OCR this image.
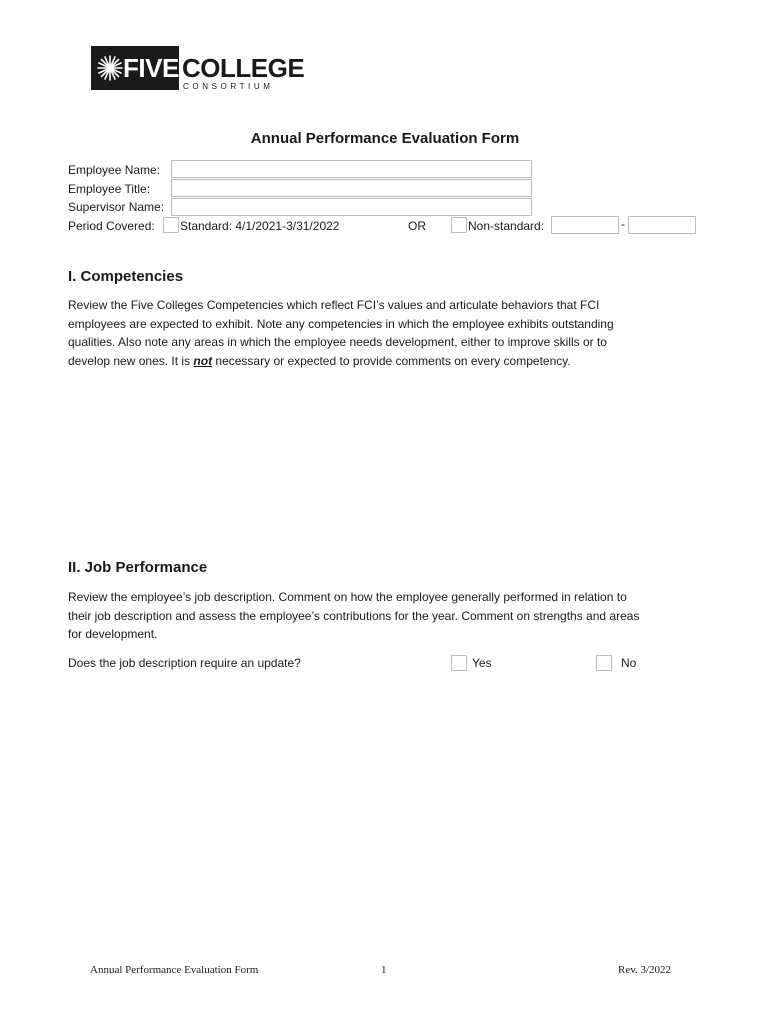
FIVE COLLEGE
CONSORTIUM
Annual Performance Evaluation Form
Employee Name:
Employee Title:
Supervisor Name:
Period Covered: Standard: 4/1/2021-3/31/2022	OR	Non-standard:	-
I. Competencies
Review the Five Colleges Competencies which reflect FCI’s values and articulate behaviors that FCI
employees are expected to exhibit. Note any competencies in which the employee exhibits outstanding
qualities. Also note any areas in which the employee needs development, either to improve skills or to
develop new ones. It is not necessary or expected to provide comments on every competency.
II. Job Performance
Review the employee’s job description. Comment on how the employee generally performed in relation to
their job description and assess the employee’s contributions for the year. Comment on strengths and areas
for development.
Does the job description require an update?	Yes	No
Annual Performance Evaluation Form	1	Rev. 3/2022
